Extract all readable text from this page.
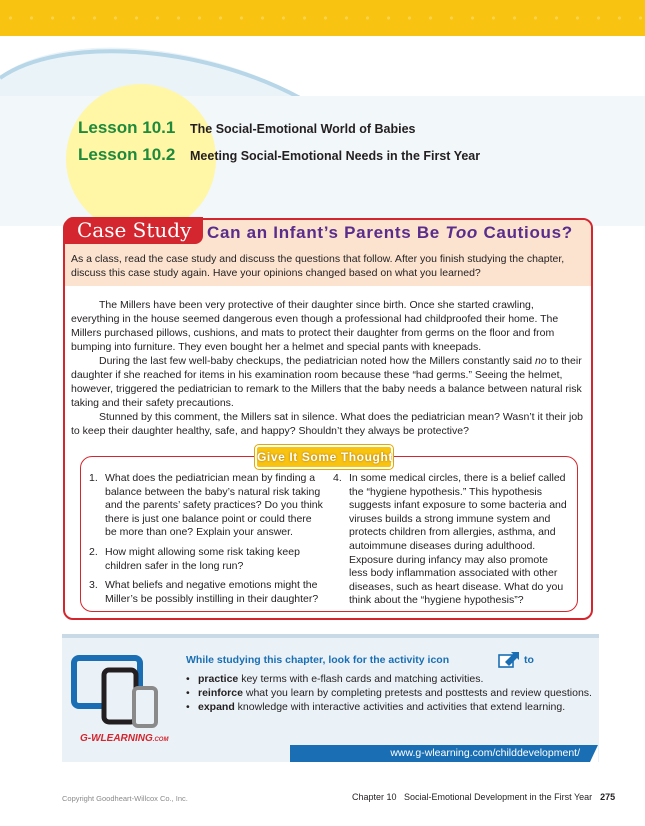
Lesson 10.1	The Social-Emotional World of Babies
Lesson 10.2	Meeting Social-Emotional Needs in the First Year
Case Study Can an Infant’s Parents Be Too Cautious?

As a class, read the case study and discuss the questions that follow. After you finish studying the chapter, discuss this case study again. Have your opinions changed based on what you learned?

The Millers have been very protective of their daughter since birth. Once she started crawling, everything in the house seemed dangerous even though a professional had childproofed their home. The Millers purchased pillows, cushions, and mats to protect their daughter from germs on the floor and from bumping into furniture. They even bought her a helmet and special pants with kneepads.

During the last few well-baby checkups, the pediatrician noted how the Millers constantly said no to their daughter if she reached for items in his examination room because these “had germs.” Seeing the helmet, however, triggered the pediatrician to remark to the Millers that the baby needs a balance between natural risk taking and their safety precautions.

Stunned by this comment, the Millers sat in silence. What does the pediatrician mean? Wasn’t it their job to keep their daughter healthy, safe, and happy? Shouldn’t they always be protective?

Give It Some Thought
1. What does the pediatrician mean by finding a balance between the baby’s natural risk taking and the parents’ safety practices? Do you think there is just one balance point or could there be more than one? Explain your answer.
2. How might allowing some risk taking keep children safer in the long run?
3. What beliefs and negative emotions might the Miller’s be possibly instilling in their daughter?
4. In some medical circles, there is a belief called the “hygiene hypothesis.” This hypothesis suggests infant exposure to some bacteria and viruses builds a strong immune system and protects children from allergies, asthma, and autoimmune diseases during adulthood. Exposure during infancy may also promote less body inflammation associated with other diseases, such as heart disease. What do you think about the “hygiene hypothesis”?
G-WLEARNING.COM
While studying this chapter, look for the activity icon	to
• practice key terms with e-flash cards and matching activities.
• reinforce what you learn by completing pretests and posttests and review questions.
• expand knowledge with interactive activities and activities that extend learning.
www.g-wlearning.com/childdevelopment/
Copyright Goodheart-Willcox Co., Inc.	Chapter 10   Social-Emotional Development in the First Year 275
